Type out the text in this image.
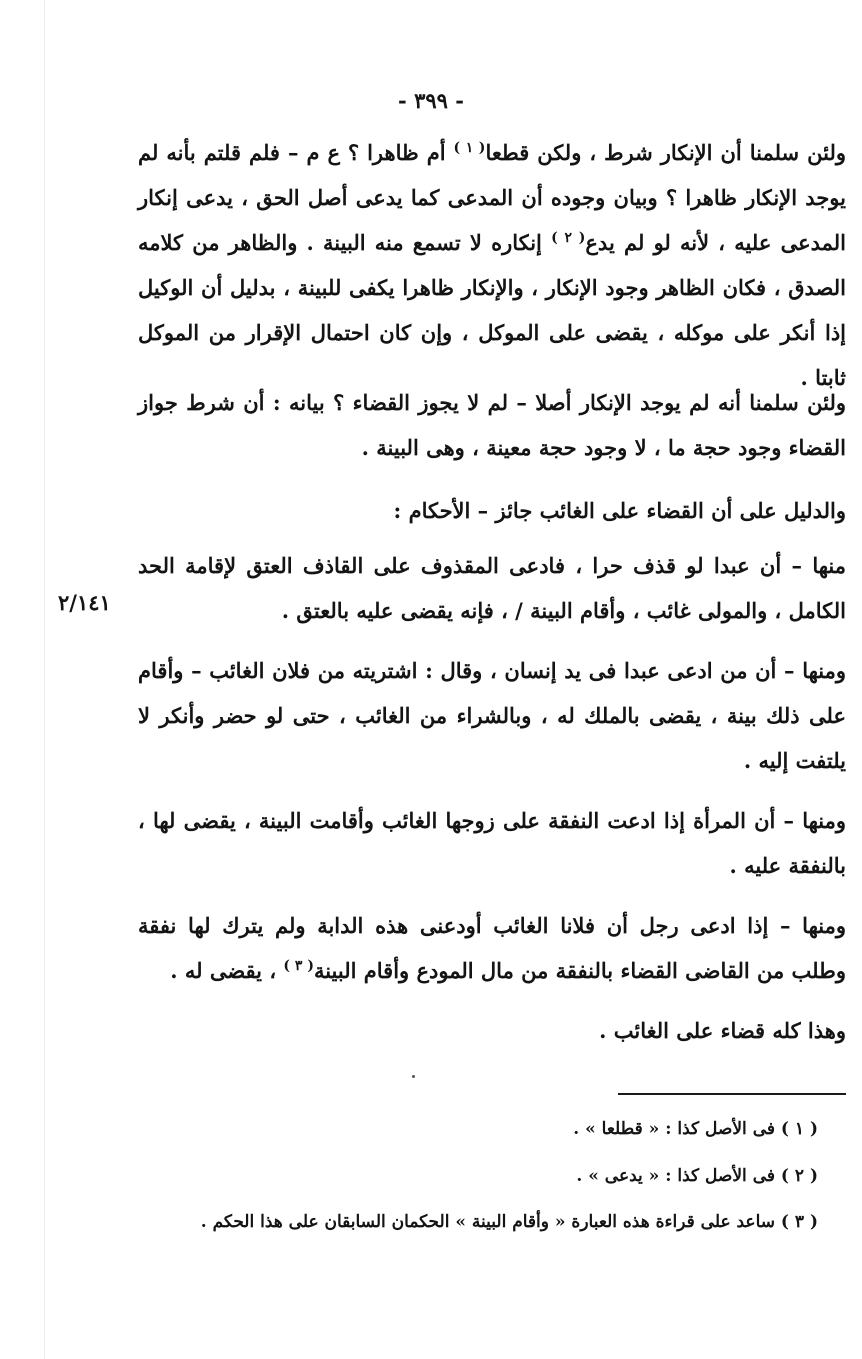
- ٣٩٩ -
ولئن سلمنا أن الإنكار شرط ، ولكن قطعا$^{( ١ )}$ أم ظاهرا ؟ ع م – فلم قلتم بأنه لم يوجد الإنكار ظاهرا ؟ وبيان وجوده أن المدعى كما يدعى أصل الحق ، يدعى إنكار المدعى عليه ، لأنه لو لم يدع$^{( ٢ )}$ إنكاره لا تسمع منه البينة . والظاهر من كلامه الصدق ، فكان الظاهر وجود الإنكار ، والإنكار ظاهرا يكفى للبينة ، بدليل أن الوكيل إذا أنكر على موكله ، يقضى على الموكل ، وإن كان احتمال الإقرار من الموكل ثابتا .
ولئن سلمنا أنه لم يوجد الإنكار أصلا – لم لا يجوز القضاء ؟ بيانه : أن شرط جواز القضاء وجود حجة ما ، لا وجود حجة معينة ، وهى البينة .
والدليل على أن القضاء على الغائب جائز – الأحكام :
منها – أن عبدا لو قذف حرا ، فادعى المقذوف على القاذف العتق لإقامة الحد الكامل ، والمولى غائب ، وأقام البينة / ، فإنه يقضى عليه بالعتق .
٢/١٤١
ومنها – أن من ادعى عبدا فى يد إنسان ، وقال : اشتريته من فلان الغائب – وأقام على ذلك بينة ، يقضى بالملك له ، وبالشراء من الغائب ، حتى لو حضر وأنكر لا يلتفت إليه .
ومنها – أن المرأة إذا ادعت النفقة على زوجها الغائب وأقامت البينة ، يقضى لها ، بالنفقة عليه .
ومنها – إذا ادعى رجل أن فلانا الغائب أودعنى هذه الدابة ولم يترك لها نفقة وطلب من القاضى القضاء بالنفقة من مال المودع وأقام البينة$^{( ٣ )}$ ، يقضى له .
وهذا كله قضاء على الغائب .
( ١ ) فى الأصل كذا : « قطلعا » .
( ٢ ) فى الأصل كذا : « يدعى » .
( ٣ ) ساعد على قراءة هذه العبارة « وأقام البينة » الحكمان السابقان على هذا الحكم .
